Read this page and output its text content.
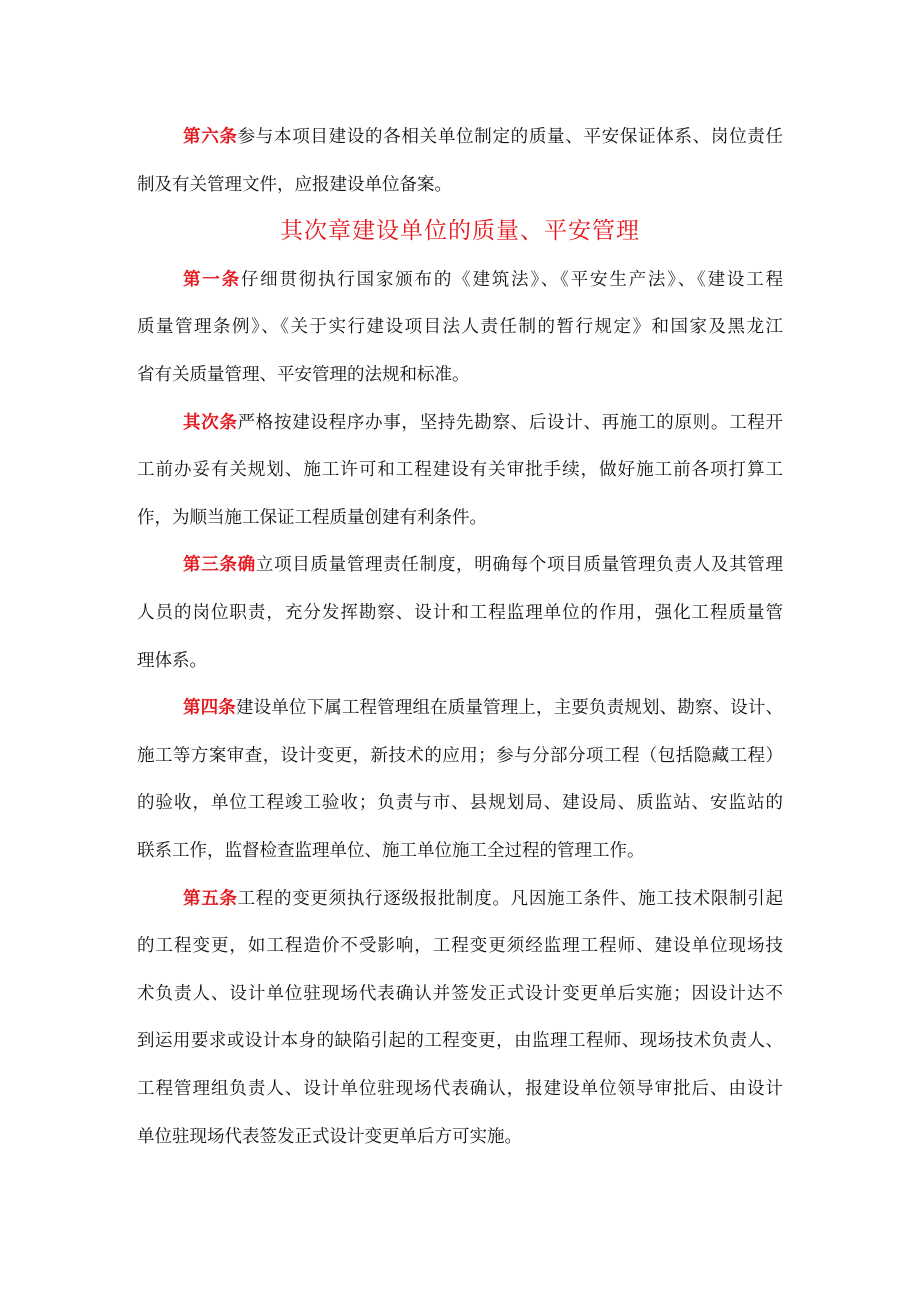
第六条参与本项目建设的各相关单位制定的质量、平安保证体系、岗位责任
制及有关管理文件，应报建设单位备案。
其次章建设单位的质量、平安管理
第一条仔细贯彻执行国家颁布的《建筑法》、《平安生产法》、《建设工程
质量管理条例》、《关于实行建设项目法人责任制的暂行规定》和国家及黑龙江
省有关质量管理、平安管理的法规和标准。
其次条严格按建设程序办事，坚持先勘察、后设计、再施工的原则。工程开
工前办妥有关规划、施工许可和工程建设有关审批手续，做好施工前各项打算工
作，为顺当施工保证工程质量创建有利条件。
第三条确立项目质量管理责任制度，明确每个项目质量管理负责人及其管理
人员的岗位职责，充分发挥勘察、设计和工程监理单位的作用，强化工程质量管
理体系。
第四条建设单位下属工程管理组在质量管理上，主要负责规划、勘察、设计、
施工等方案审查，设计变更，新技术的应用；参与分部分项工程（包括隐藏工程）
的验收，单位工程竣工验收；负责与市、县规划局、建设局、质监站、安监站的
联系工作，监督检查监理单位、施工单位施工全过程的管理工作。
第五条工程的变更须执行逐级报批制度。凡因施工条件、施工技术限制引起
的工程变更，如工程造价不受影响，工程变更须经监理工程师、建设单位现场技
术负责人、设计单位驻现场代表确认并签发正式设计变更单后实施；因设计达不
到运用要求或设计本身的缺陷引起的工程变更，由监理工程师、现场技术负责人、
工程管理组负责人、设计单位驻现场代表确认，报建设单位领导审批后、由设计
单位驻现场代表签发正式设计变更单后方可实施。
